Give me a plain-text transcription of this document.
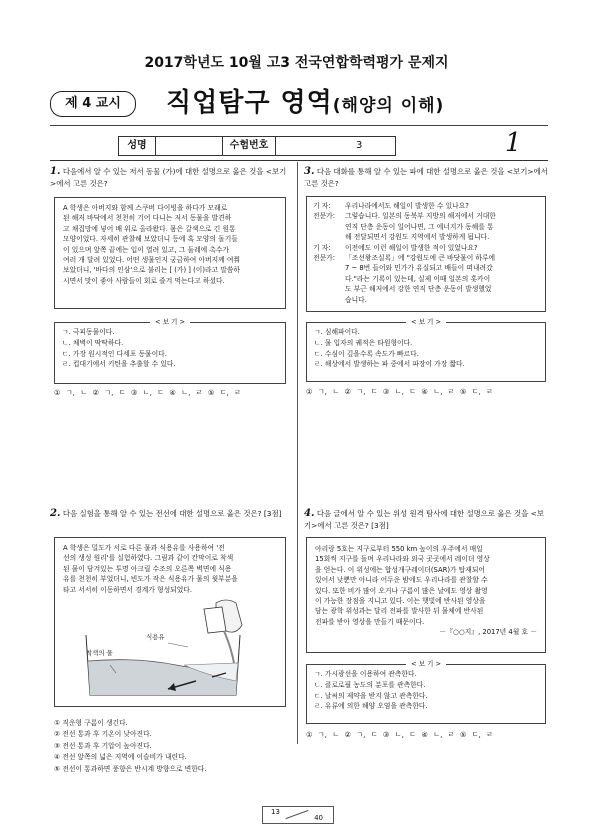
2017학년도 10월 고3 전국연합학력평가 문제지
제 4 교시	직업탐구 영역(해양의 이해)
성명	수험번호	3	1
1. 다음에서 알 수 있는 저서 동물 (가)에 대한 설명으로 옳은 것을 <보기>에서 고른 것은?
A 학생은 아버지와 함께 스쿠버 다이빙을 하다가 모래로
된 해저 바닥에서 천천히 기어 다니는 저서 동물을 발견하
고 채집망에 넣어 배 위로 올라왔다. 몸은 갈색으로 긴 원통
모양이었다. 자세히 관찰해 보았더니 등에 혹 모양의 돌기들
이 있으며 앞쪽 끝에는 입이 열려 있고, 그 둘레에 촉수가
여러 개 달려 있었다. 어떤 생물인지 궁금하여 아버지께 여쭤
보았더니, '바다의 인삼'으로 불리는 [ (가) ] (이)라고 말씀하
시면서 맛이 좋아 사람들이 회로 즐겨 먹는다고 하셨다.
< 보 기 >
ㄱ. 극피동물이다.
ㄴ. 체벽이 딱딱하다.
ㄷ. 가장 원시적인 다세포 동물이다.
ㄹ. 컵대기에서 키틴을 추출할 수 있다.
① ㄱ, ㄴ ② ㄱ, ㄷ ③ ㄴ, ㄷ ④ ㄴ, ㄹ ⑤ ㄷ, ㄹ
3. 다음 대화를 통해 알 수 있는 파에 대한 설명으로 옳은 것을 <보기>에서 고른 것은?
기 자:	우리나라에서도 해일이 발생한 수 있나요?
전문가:	그렇습니다. 일본의 동북부 지방의 해저에서 거대한
연직 단층 운동이 일어나면, 그 에너지가 동해를 통
해 전달되면서 강원도 지역에서 발생하게 됩니다.
기 자:	이전에도 이런 해일이 발생한 적이 있었나요?
전문가:	「조선왕조실록」에 "강원도에 큰 바닷물이 하루에
7 ~ 8번 들어와 민가가 유실되고 배들이 떠내려갔
다."라는 기록이 있는데, 실제 이때 일본의 홋카이
도 부근 해저에서 강한 연직 단층 운동이 발생했었
습니다.
< 보 기 >
ㄱ. 심해파이다.
ㄴ. 물 입자의 궤적은 타원형이다.
ㄷ. 수심이 깊을수록 속도가 빠르다.
ㄹ. 해상에서 발생하는 파 중에서 파장이 가장 짧다.
① ㄱ, ㄴ ② ㄱ, ㄷ ③ ㄴ, ㄷ ④ ㄴ, ㄹ ⑤ ㄷ, ㄹ
2. 다음 실험을 통해 알 수 있는 전선에 대한 설명으로 옳은 것은? [3점]
A 학생은 밀도가 서로 다른 물과 식용유를 사용하여 '전
선의 생성 원리'를 실험하였다. 그림과 같이 칸막이로 착색
된 물이 담겨있는 투명 아크릴 수조의 오른쪽 벽면에 식용
유를 천천히 부었더니, 빈도가 작은 식용유가 물의 윗부분을
타고 서서히 이동하면서 경계가 형성되었다.
식용유
착색의 물
① 직운형 구름이 생긴다.
② 전선 통과 후 기온이 낮아진다.
③ 전선 통과 후 기압이 높아진다.
④ 전선 앞쪽의 넓은 지역에 이슬비가 내린다.
⑤ 전선이 통과하면 풍향은 반시계 방향으로 변한다.
4. 다음 글에서 알 수 있는 위성 원격 탐사에 대한 설명으로 옳은 것을 <보기>에서 고른 것은? [3점]
아리랑 5호는 지구로부터 550 km 높이의 우주에서 매일
15회씩 지구를 돌며 우리나라와 외국 곳곳에서 레이더 영상
을 얻는다. 이 위성에는 합성개구레이더(SAR)가 탑재되어
있어서 낮뿐만 아니라 어두운 밤에도 우리나라를 관찰할 수
있다. 또한 비가 많이 오거나 구름이 많은 날에도 영상 촬영
이 가능한 장점을 지니고 있다. 이는 햇빛에 반사된 영상을
담는 광학 위성과는 달리 전파를 발사한 뒤 물체에 반사된
전파를 받아 영상을 만들기 때문이다.
－『○○지』, 2017년 4월 호 －
< 보 기 >
ㄱ. 가시광선을 이용하여 관측한다.
ㄴ. 클로로필 농도의 분포를 관측한다.
ㄷ. 날씨의 제약을 받지 않고 관측한다.
ㄹ. 유류에 의한 해양 오염을 관측한다.
① ㄱ, ㄴ ② ㄱ, ㄷ ③ ㄴ, ㄷ ④ ㄴ, ㄹ ⑤ ㄷ, ㄹ
13
40
